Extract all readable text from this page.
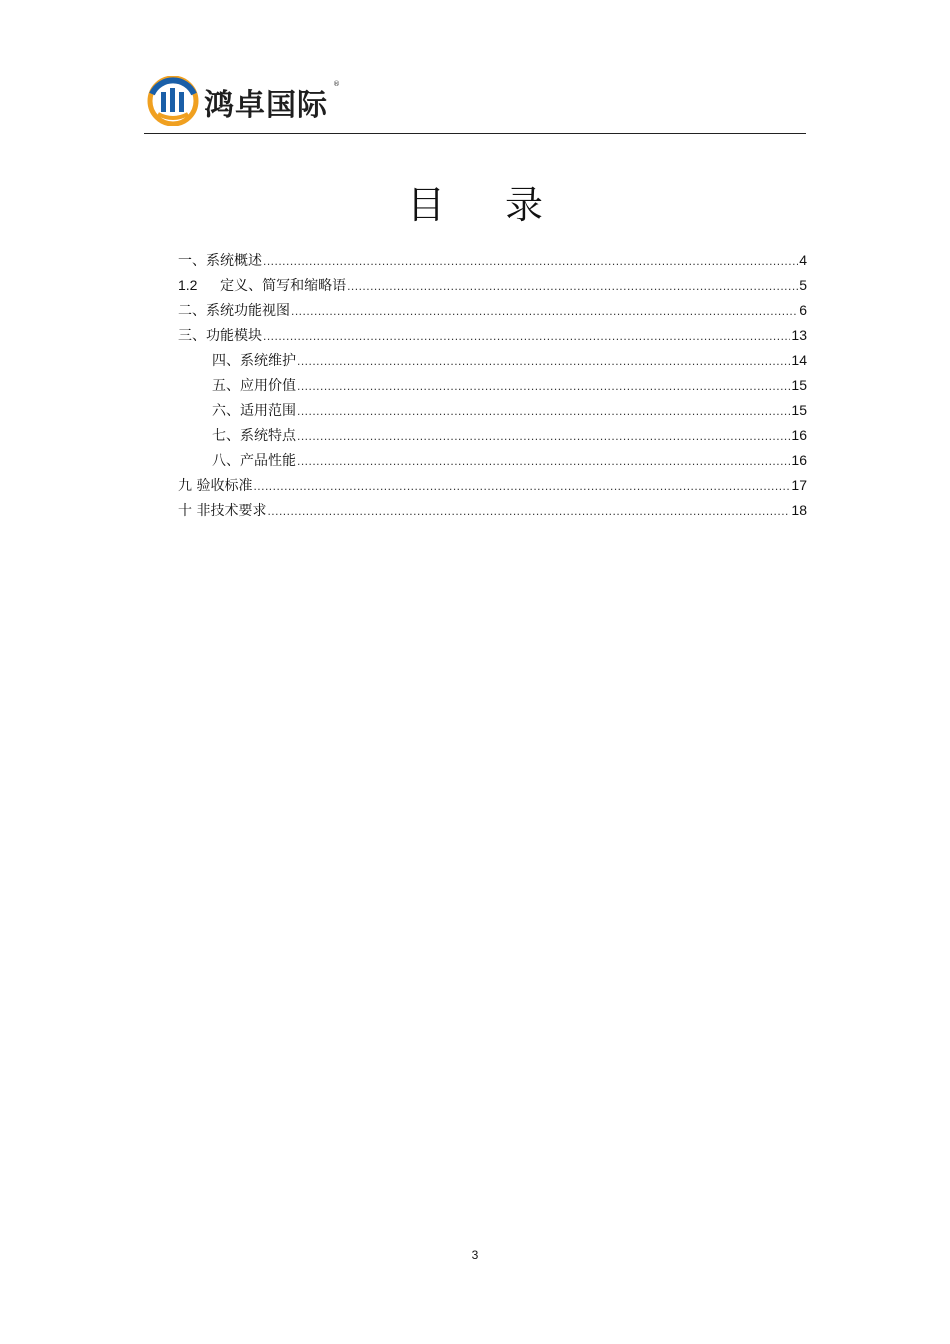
鸿卓国际
®
目 录
一、系统概述 .....	4
1.2	定义、简写和缩略语 .....	5
二、系统功能视图 .....	6
三、功能模块 .....	13
四、系统维护 .....	14
五、应用价值 .....	15
六、适用范围 .....	15
七、系统特点 .....	16
八、产品性能 .....	16
九 验收标准 .....	17
十 非技术要求 .....	18
3
